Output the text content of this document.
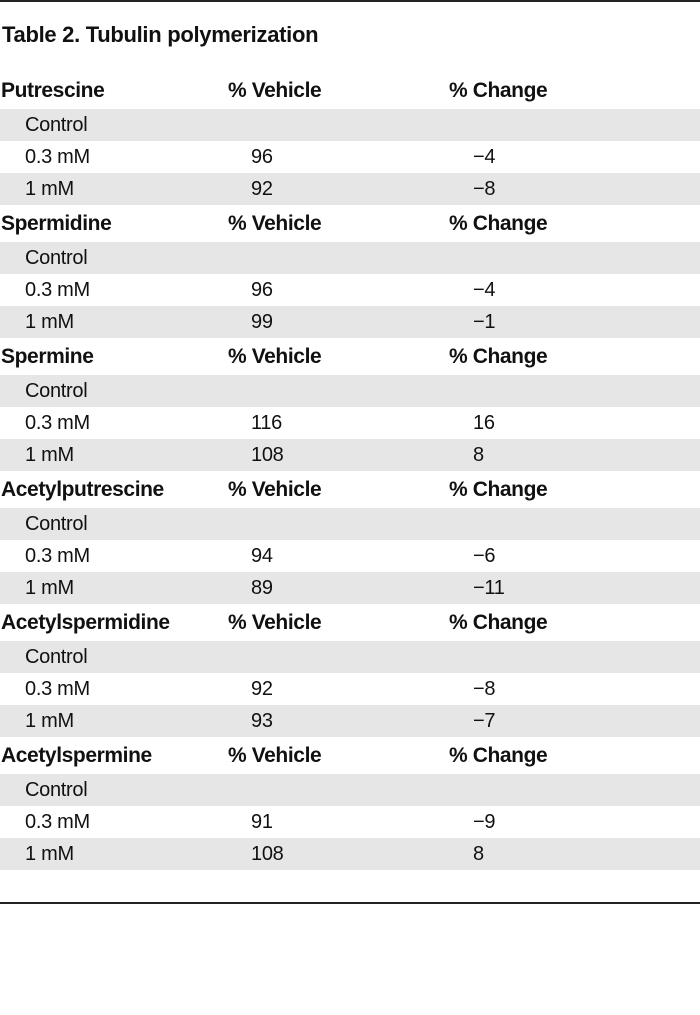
Table 2. Tubulin polymerization
Putrescine	% Vehicle	% Change
Control
0.3 mM	96	−4
1 mM	92	−8
Spermidine	% Vehicle	% Change
Control
0.3 mM	96	−4
1 mM	99	−1
Spermine	% Vehicle	% Change
Control
0.3 mM	116	16
1 mM	108	8
Acetylputrescine	% Vehicle	% Change
Control
0.3 mM	94	−6
1 mM	89	−11
Acetylspermidine	% Vehicle	% Change
Control
0.3 mM	92	−8
1 mM	93	−7
Acetylspermine	% Vehicle	% Change
Control
0.3 mM	91	−9
1 mM	108	8
